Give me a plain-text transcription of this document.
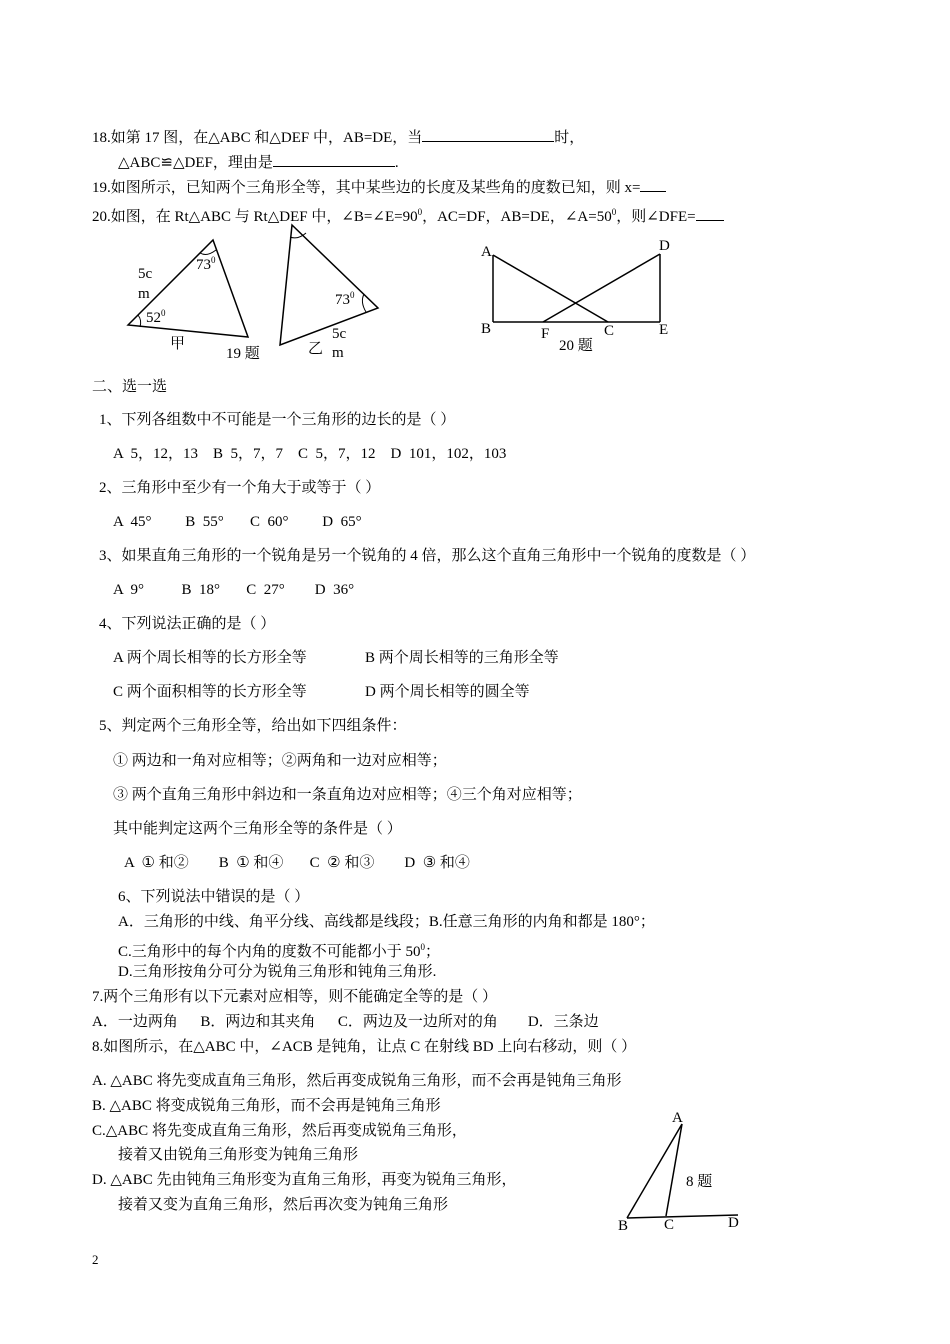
18.如第 17 图，在△ABC 和△DEF 中，AB=DE，当	时，
△ABC≌△DEF，理由是	.
19.如图所示，已知两个三角形全等，其中某些边的长度及某些角的度数已知，则 x=
20.如图，在 Rt△ABC 与 Rt△DEF 中，$\angle B=\angle E=90^0$，AC=DF，AB=DE，$\angle A=50^0$，则∠DFE=
5c
m
$73^0$
$52^0$
甲
$73^0$
5c
m
乙
19 题
A
B	F	C
D
E
20 题
二、选一选
1、下列各组数中不可能是一个三角形的边长的是（ ）
A  5，12，13    B  5，7，7    C  5，7，12    D  101，102，103
2、三角形中至少有一个角大于或等于（ ）
A  45°         B  55°       C  60°         D  65°
3、如果直角三角形的一个锐角是另一个锐角的 4 倍，那么这个直角三角形中一个锐角的度数是（ ）
A  9°          B  18°       C  27°        D  36°
4、下列说法正确的是（ ）
A 两个周长相等的长方形全等	B 两个周长相等的三角形全等
C 两个面积相等的长方形全等	D 两个周长相等的圆全等
5、判定两个三角形全等，给出如下四组条件：
① 两边和一角对应相等；②两角和一边对应相等；
③ 两个直角三角形中斜边和一条直角边对应相等；④三个角对应相等；
其中能判定这两个三角形全等的条件是（ ）
A  ① 和②        B  ① 和④       C  ② 和③        D  ③ 和④
6、下列说法中错误的是（ ）
A．三角形的中线、角平分线、高线都是线段；B.任意三角形的内角和都是 180°；
C.三角形中的每个内角的度数不可能都小于 $50^0$；
D.三角形按角分可分为锐角三角形和钝角三角形.
7.两个三角形有以下元素对应相等，则不能确定全等的是（ ）
A．一边两角      B．两边和其夹角      C．两边及一边所对的角        D．三条边
8.如图所示，在△ABC 中，∠ACB 是钝角，让点 C 在射线 BD 上向右移动，则（ ）
A. △ABC 将先变成直角三角形，然后再变成锐角三角形，而不会再是钝角三角形
B. △ABC 将变成锐角三角形，而不会再是钝角三角形
C.△ABC 将先变成直角三角形，然后再变成锐角三角形，
接着又由锐角三角形变为钝角三角形
D. △ABC 先由钝角三角形变为直角三角形，再变为锐角三角形，
接着又变为直角三角形，然后再次变为钝角三角形
A
B C	D
8 题
2
